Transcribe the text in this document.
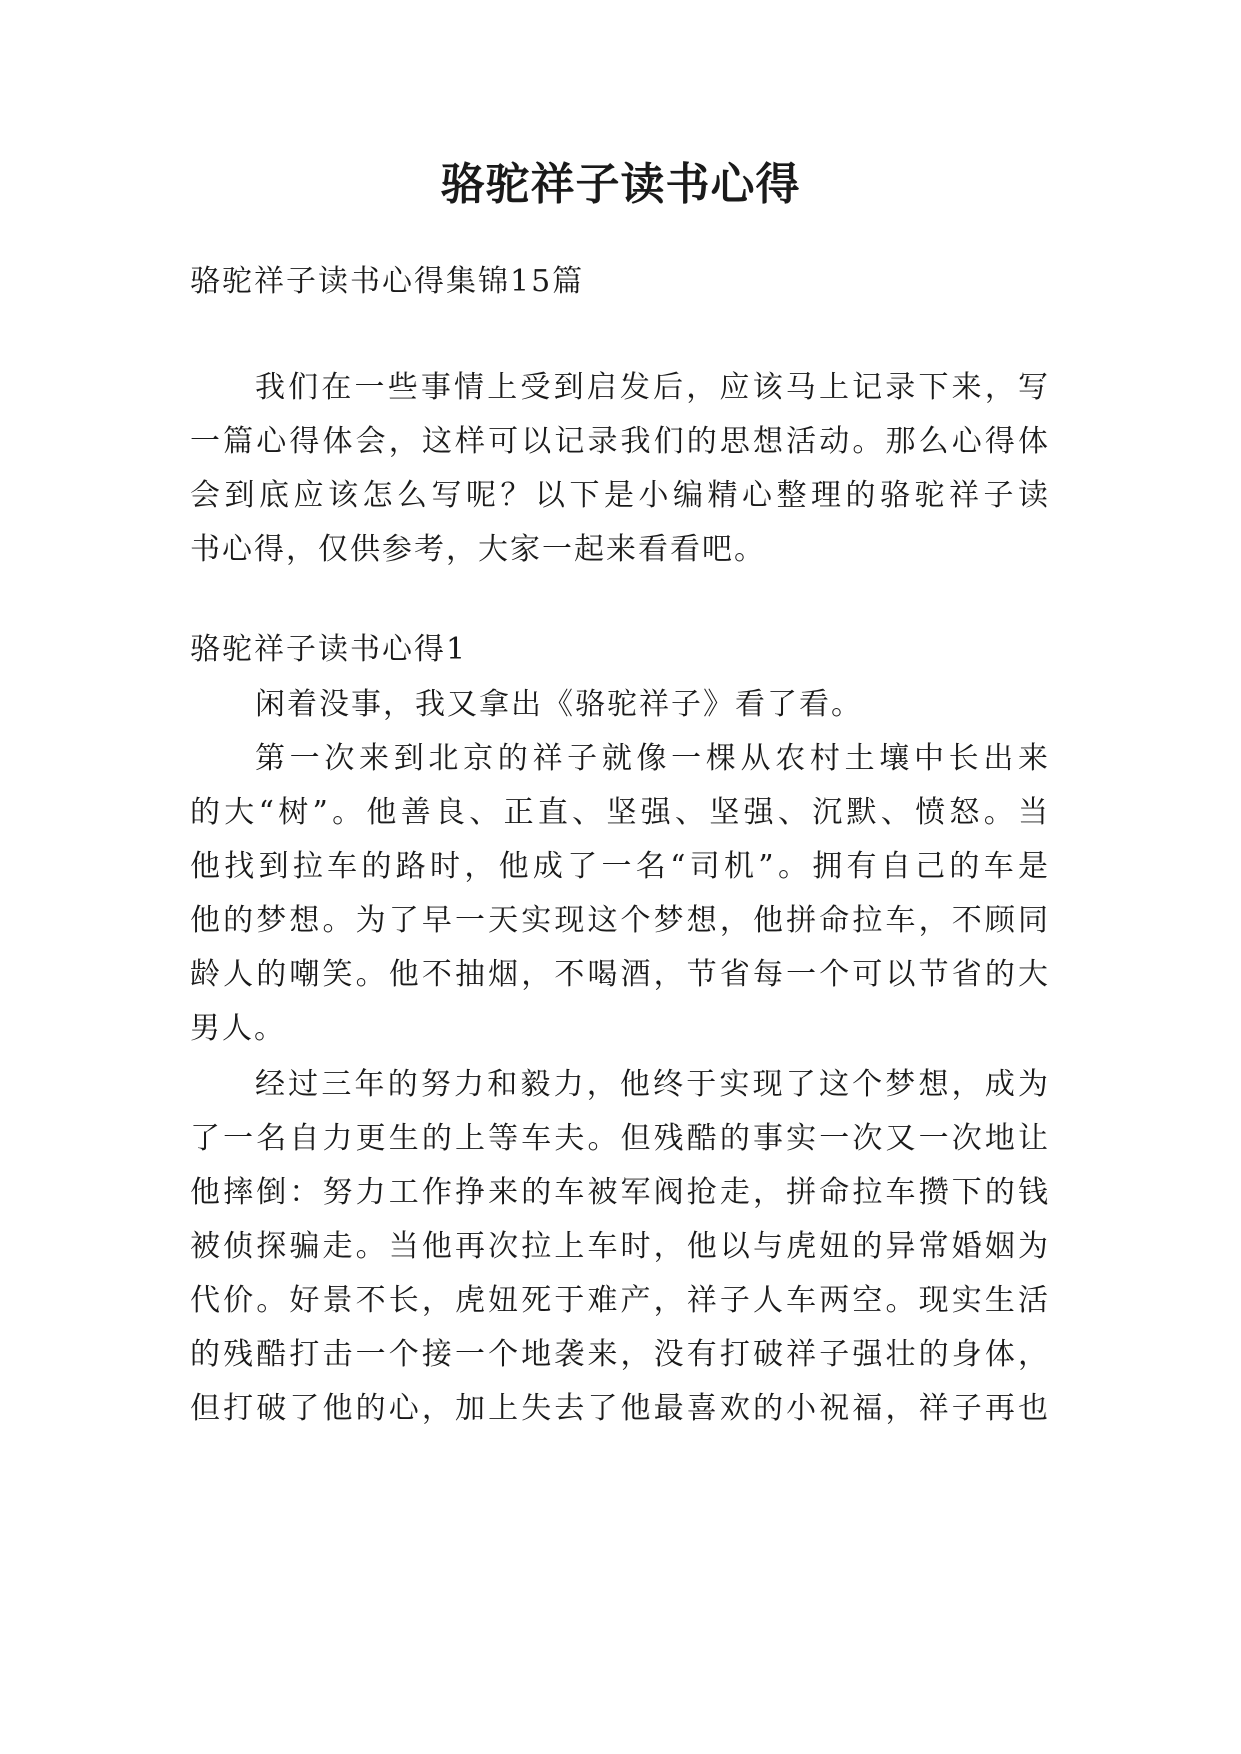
骆驼祥子读书心得
骆驼祥子读书心得集锦15篇
我们在一些事情上受到启发后，应该马上记录下来，写
一篇心得体会，这样可以记录我们的思想活动。那么心得体
会到底应该怎么写呢？以下是小编精心整理的骆驼祥子读
书心得，仅供参考，大家一起来看看吧。
骆驼祥子读书心得1
闲着没事，我又拿出《骆驼祥子》看了看。
第一次来到北京的祥子就像一棵从农村土壤中长出来
的大“树”。他善良、正直、坚强、坚强、沉默、愤怒。当
他找到拉车的路时，他成了一名“司机”。拥有自己的车是
他的梦想。为了早一天实现这个梦想，他拼命拉车，不顾同
龄人的嘲笑。他不抽烟，不喝酒，节省每一个可以节省的大
男人。
经过三年的努力和毅力，他终于实现了这个梦想，成为
了一名自力更生的上等车夫。但残酷的事实一次又一次地让
他摔倒：努力工作挣来的车被军阀抢走，拼命拉车攒下的钱
被侦探骗走。当他再次拉上车时，他以与虎妞的异常婚姻为
代价。好景不长，虎妞死于难产，祥子人车两空。现实生活
的残酷打击一个接一个地袭来，没有打破祥子强壮的身体，
但打破了他的心，加上失去了他最喜欢的小祝福，祥子再也
